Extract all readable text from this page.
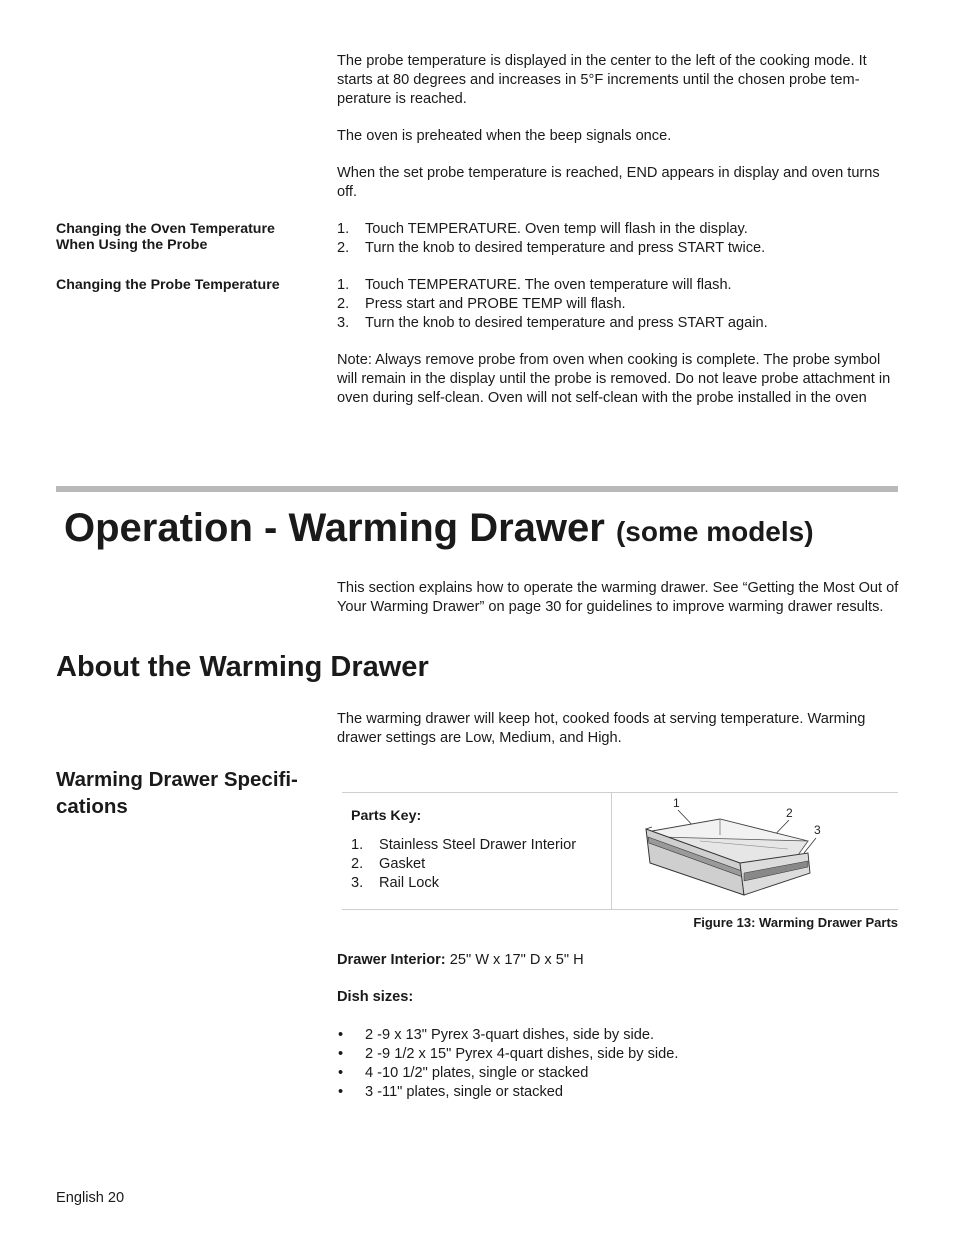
The probe temperature is displayed in the center to the left of the cooking mode. It starts at 80 degrees and increases in 5°F increments until the chosen probe tem-perature is reached.

The oven is preheated when the beep signals once.

When the set probe temperature is reached, END appears in display and oven turns off.

Changing the Oven Temperature When Using the Probe
1. Touch TEMPERATURE. Oven temp will flash in the display.
2. Turn the knob to desired temperature and press START twice.
Changing the Probe Temperature	1. Touch TEMPERATURE. The oven temperature will flash.
2. Press start and PROBE TEMP will flash.
3. Turn the knob to desired temperature and press START again.

Note: Always remove probe from oven when cooking is complete. The probe symbol will remain in the display until the probe is removed. Do not leave probe attachment in oven during self-clean. Oven will not self-clean with the probe installed in the oven

Operation - Warming Drawer (some models)

This section explains how to operate the warming drawer. See “Getting the Most Out of Your Warming Drawer” on page 30 for guidelines to improve warming drawer results.

About the Warming Drawer

The warming drawer will keep hot, cooked foods at serving temperature. Warming drawer settings are Low, Medium, and High.

Warming Drawer Specifi-cations	Parts Key:
1. Stainless Steel Drawer Interior
2. Gasket
3. Rail Lock
1
2
3
Figure 13: Warming Drawer Parts
Drawer Interior: 25" W x 17" D x 5" H
Dish sizes:
• 2 -9 x 13" Pyrex 3-quart dishes, side by side.
• 2 -9 1/2 x 15" Pyrex 4-quart dishes, side by side.
• 4 -10 1/2" plates, single or stacked
• 3 -11" plates, single or stacked
English 20
